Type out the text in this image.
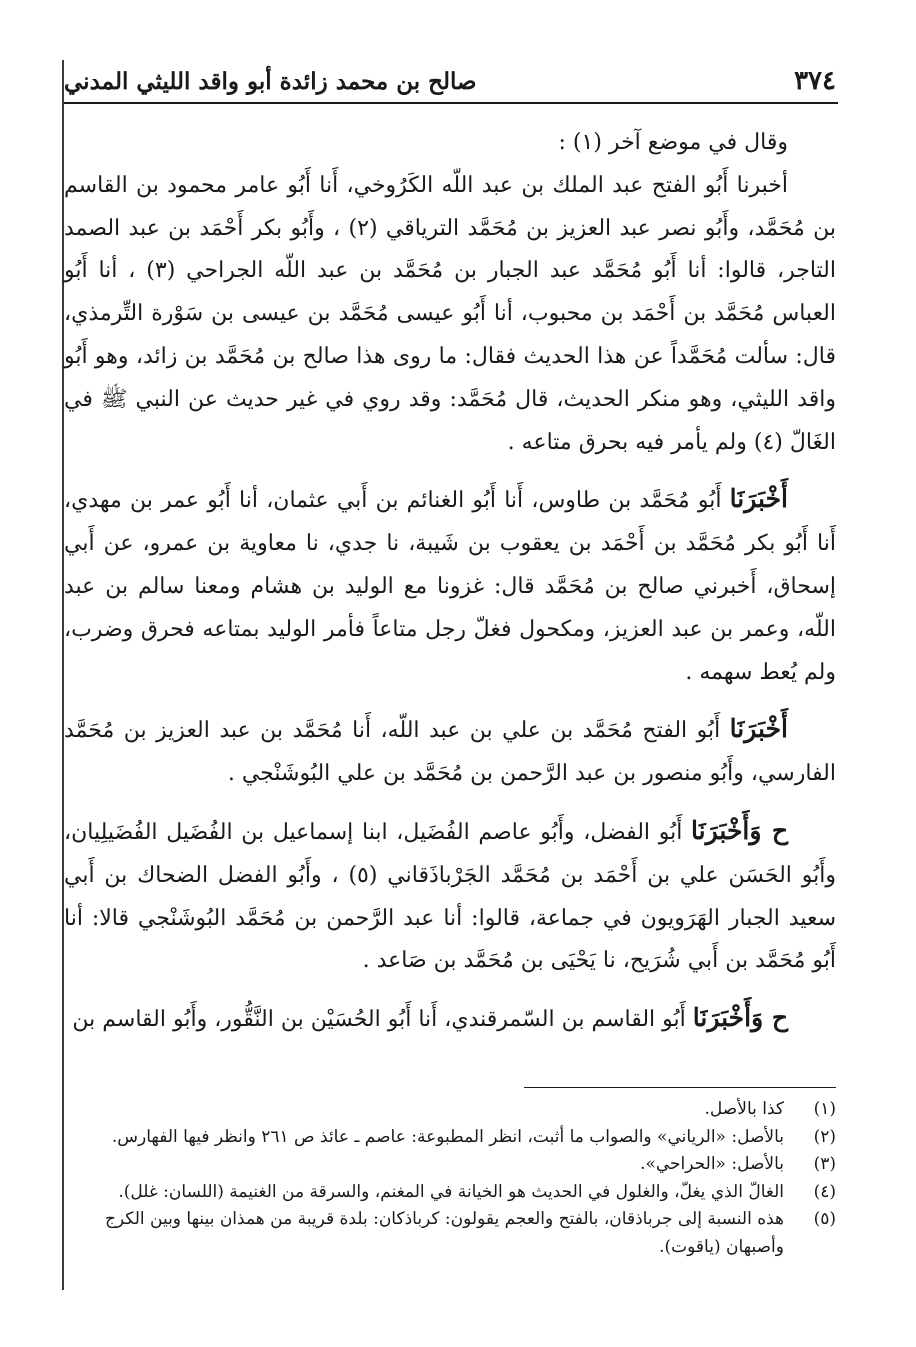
٣٧٤
صالح بن محمد زائدة أبو واقد الليثي المدني

وقال في موضع آخر (١) :

أخبرنا أَبُو الفتح عبد الملك بن عبد اللّه الكَرُوخي، أَنا أَبُو عامر محمود بن القاسم بن مُحَمَّد، وأَبُو نصر عبد العزيز بن مُحَمَّد الترياقي (٢) ، وأَبُو بكر أَحْمَد بن عبد الصمد التاجر، قالوا: أنا أَبُو مُحَمَّد عبد الجبار بن مُحَمَّد بن عبد اللّه الجراحي (٣) ، أنا أَبُو العباس مُحَمَّد بن أَحْمَد بن محبوب، أنا أَبُو عيسى مُحَمَّد بن عيسى بن سَوْرة التِّرمذي، قال: سألت مُحَمَّداً عن هذا الحديث فقال: ما روى هذا صالح بن مُحَمَّد بن زائد، وهو أَبُو واقد الليثي، وهو منكر الحديث، قال مُحَمَّد: وقد روي في غير حديث عن النبي ﷺ في الغَالّ (٤) ولم يأمر فيه بحرق متاعه .

أَخْبَرَنَا أَبُو مُحَمَّد بن طاوس، أَنا أَبُو الغنائم بن أَبي عثمان، أنا أَبُو عمر بن مهدي، أَنا أَبُو بكر مُحَمَّد بن أَحْمَد بن يعقوب بن شَيبة، نا جدي، نا معاوية بن عمرو، عن أَبي إسحاق، أَخبرني صالح بن مُحَمَّد قال: غزونا مع الوليد بن هشام ومعنا سالم بن عبد اللّه، وعمر بن عبد العزيز، ومكحول فغلّ رجل متاعاً فأمر الوليد بمتاعه فحرق وضرب، ولم يُعط سهمه .

أَخْبَرَنَا أَبُو الفتح مُحَمَّد بن علي بن عبد اللّه، أَنا مُحَمَّد بن عبد العزيز بن مُحَمَّد الفارسي، وأَبُو منصور بن عبد الرَّحمن بن مُحَمَّد بن علي البُوشَنْجي .

ح وَأَخْبَرَنَا أَبُو الفضل، وأَبُو عاصم الفُضَيل، ابنا إسماعيل بن الفُضَيل الفُضَيلِيان، وأَبُو الحَسَن علي بن أَحْمَد بن مُحَمَّد الجَرْباذَقاني (٥) ، وأَبُو الفضل الضحاك بن أَبي سعيد الجبار الهَرَويون في جماعة، قالوا: أنا عبد الرَّحمن بن مُحَمَّد البُوشَنْجي قالا: أنا أَبُو مُحَمَّد بن أَبي شُرَيح، نا يَحْيَى بن مُحَمَّد بن صَاعد .

ح وَأَخْبَرَنَا أَبُو القاسم بن السّمرقندي، أَنا أَبُو الحُسَيْن بن النَّقُّور، وأَبُو القاسم بن

(١)
كذا بالأصل.
(٢)
بالأصل: «الرياني» والصواب ما أثبت، انظر المطبوعة: عاصم ـ عائذ ص ٢٦١ وانظر فيها الفهارس.
(٣)
بالأصل: «الحراحي».
(٤)
الغالّ الذي يغلّ، والغلول في الحديث هو الخيانة في المغنم، والسرقة من الغنيمة (اللسان: غلل).
(٥)
هذه النسبة إلى جرباذقان، بالفتح والعجم يقولون: كرباذكان: بلدة قريبة من همذان بينها وبين الكرج وأصبهان (ياقوت).
